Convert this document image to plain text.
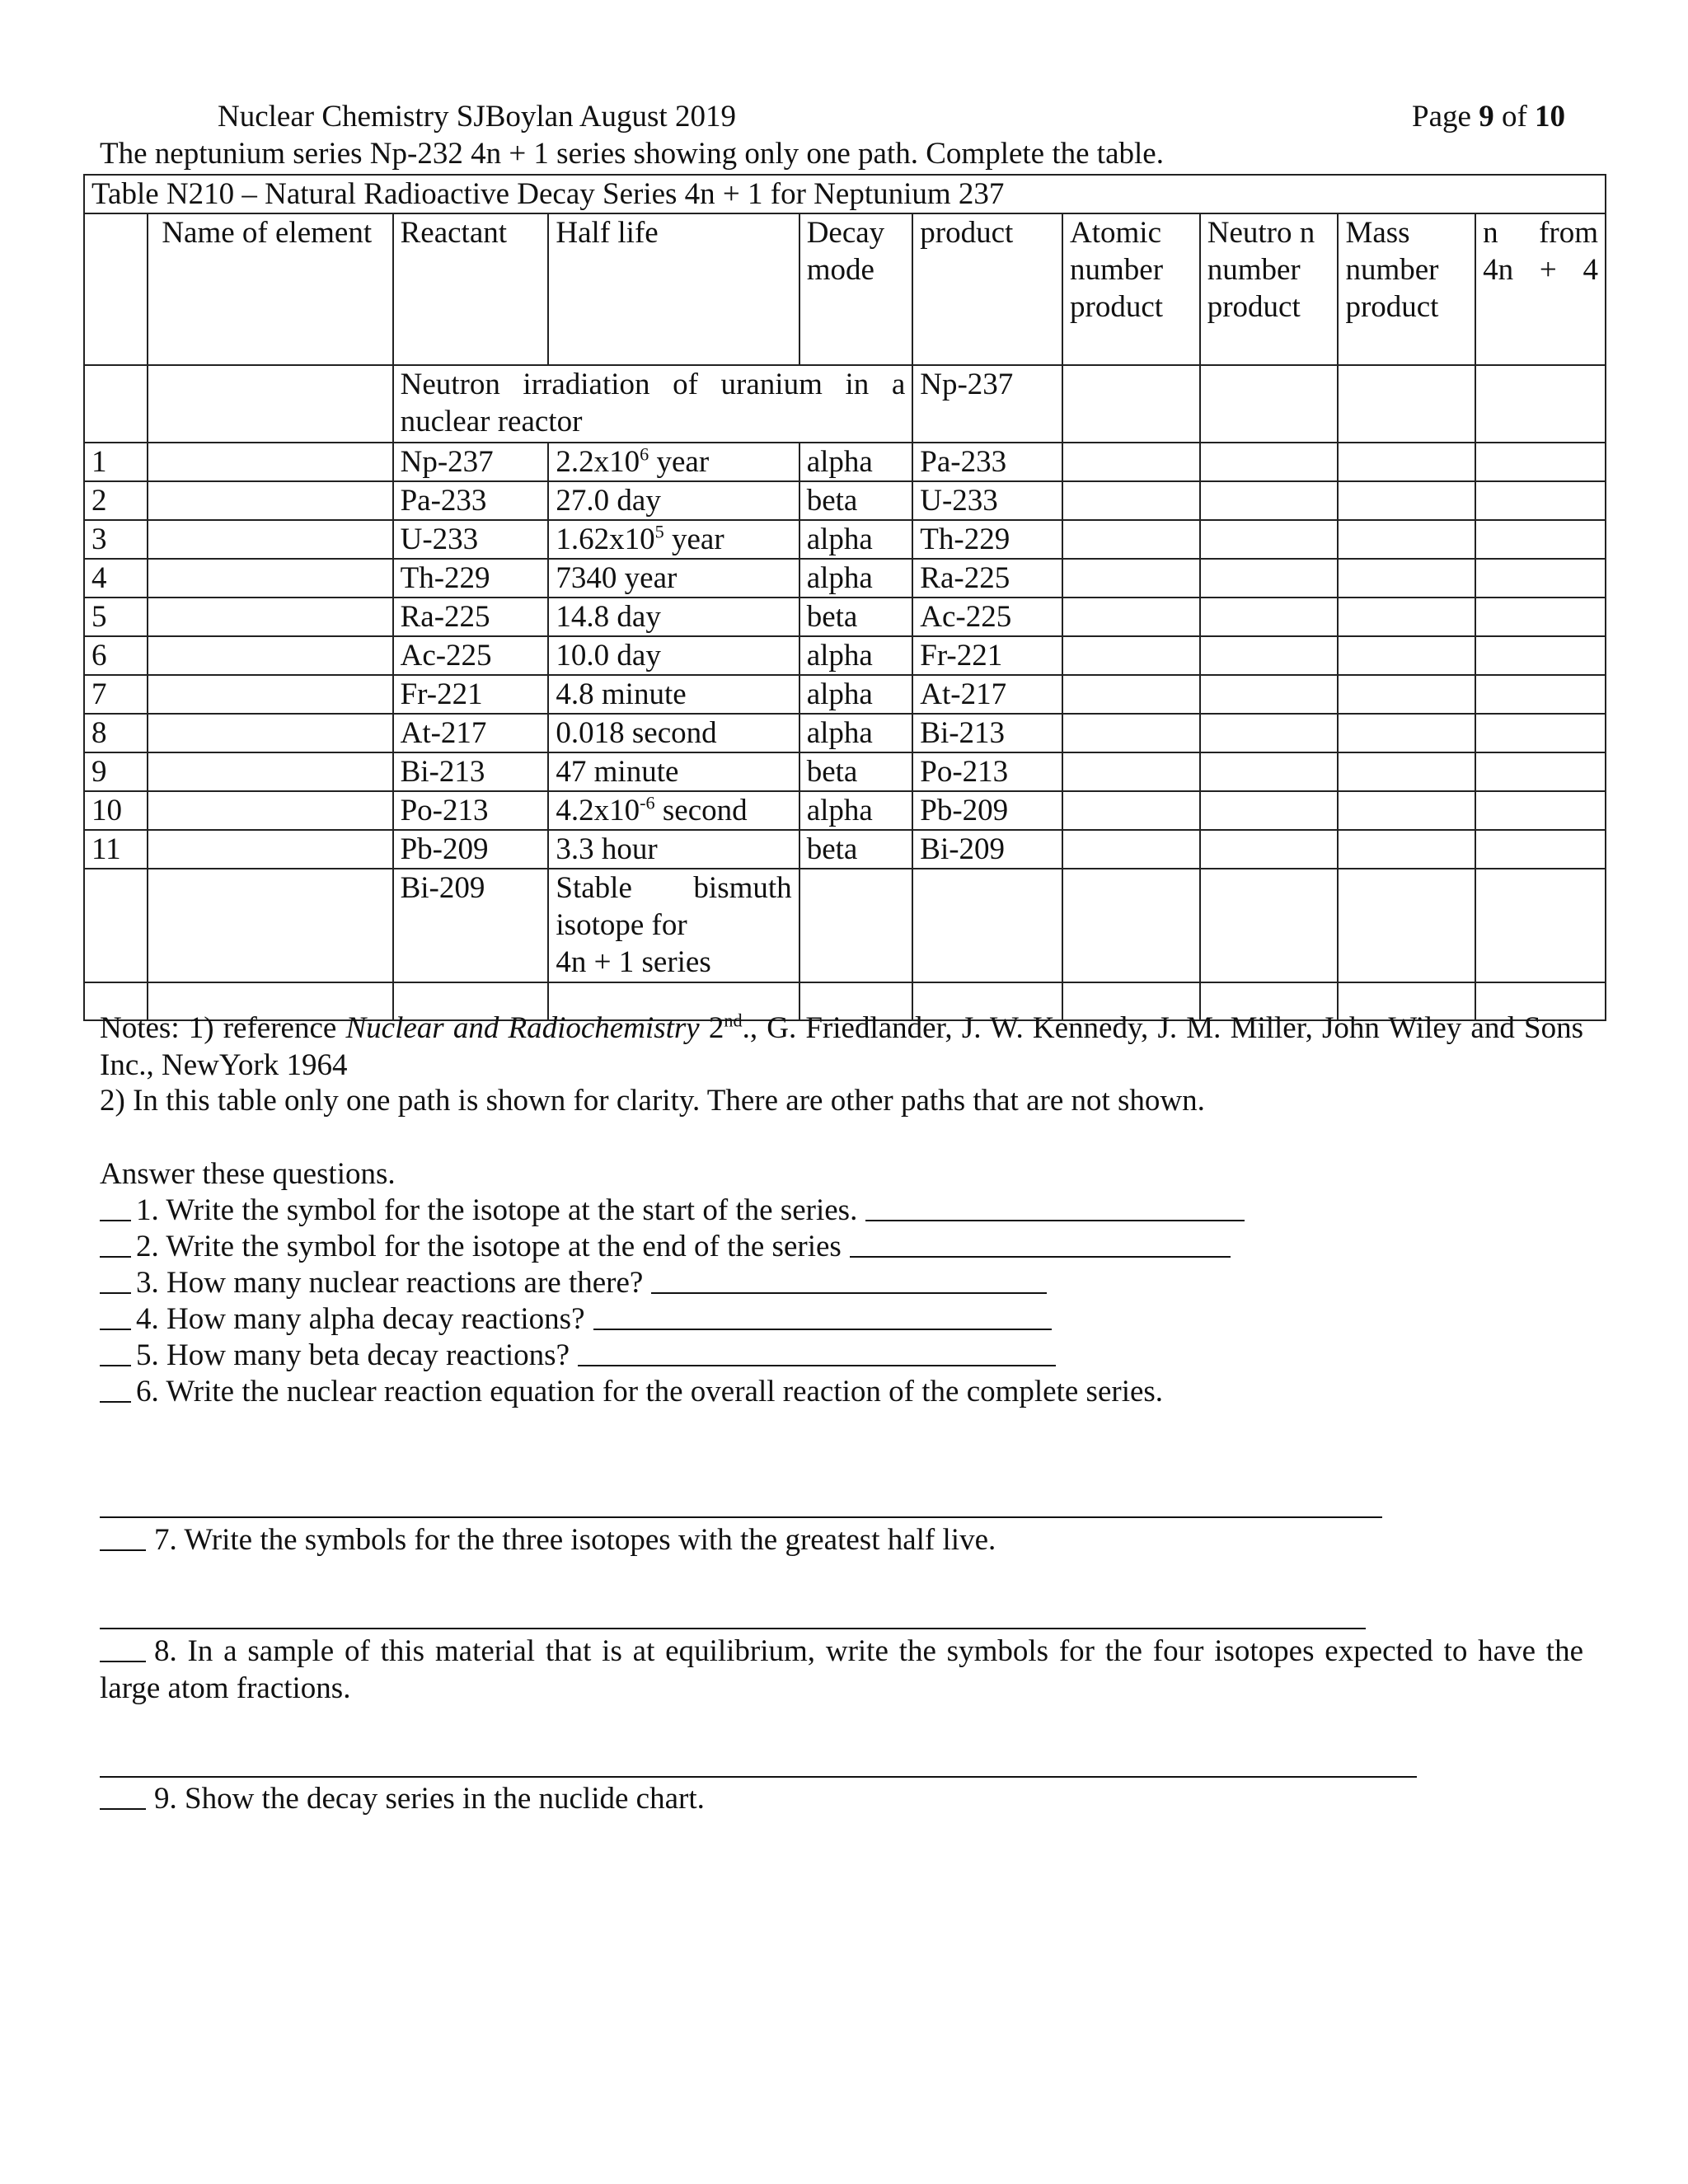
Nuclear Chemistry SJBoylan August 2019	Page 9 of 10
The neptunium series Np-232 4n + 1 series showing only one path. Complete the table.
Table N210 – Natural Radioactive Decay Series 4n + 1 for Neptunium 237									
	Name of element	Reactant	Half life	Decay mode	product	Atomic number product	Neutro n number product	Mass number product	n from 4n + 4
		Neutron irradiation of uranium in a nuclear reactor			Np-237				
1		Np-237	$2.2x10^6$ year	alpha	Pa-233				
2		Pa-233	27.0 day	beta	U-233				
3		U-233	$1.62x10^5$ year	alpha	Th-229				
4		Th-229	7340 year	alpha	Ra-225				
5		Ra-225	14.8 day	beta	Ac-225				
6		Ac-225	10.0 day	alpha	Fr-221				
7		Fr-221	4.8 minute	alpha	At-217				
8		At-217	0.018 second	alpha	Bi-213				
9		Bi-213	47 minute	beta	Po-213				
10		Po-213	$4.2x10^{-6}$ second	alpha	Pb-209				
11		Pb-209	3.3 hour	beta	Bi-209				
		Bi-209	Stable bismuth
isotope for
4n + 1 series						

Notes: 1) reference Nuclear and Radiochemistry 2nd., G. Friedlander, J. W. Kennedy, J. M. Miller, John Wiley and Sons Inc., NewYork 1964
2) In this table only one path is shown for clarity. There are other paths that are not shown.
Answer these questions.
1. Write the symbol for the isotope at the start of the series.
2. Write the symbol for the isotope at the end of the series
3. How many nuclear reactions are there?
4. How many alpha decay reactions?
5. How many beta decay reactions?
6. Write the nuclear reaction equation for the overall reaction of the complete series.
7. Write the symbols for the three isotopes with the greatest half live.
8. In a sample of this material that is at equilibrium, write the symbols for the four isotopes expected to have the large atom fractions.
9. Show the decay series in the nuclide chart.
